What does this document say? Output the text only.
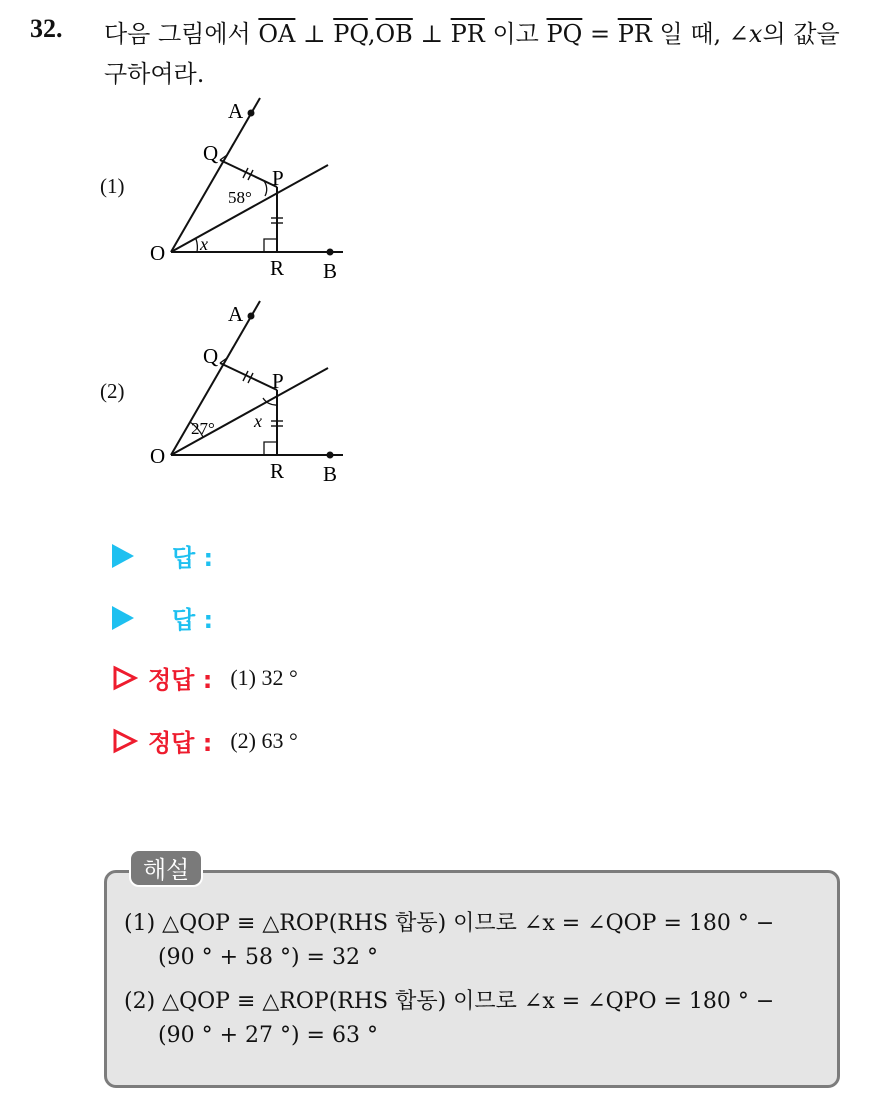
32. 다음 그림에서 $\overline{OA}$ ⊥ $\overline{PQ},\overline{OB}$ ⊥ $\overline{PR}$ 이고 $\overline{PQ} = \overline{PR}$ 일 때, ∠x의 값을
구하여라.
(1)
A
Q
P
O
R B
58°
x
(2)
A
Q
P
O
R B
27° x
답 :
답 :
정답 : (1) 32 °
정답 : (2) 63 °
해설
(1) △QOP ≡ △ROP(RHS 합동) 이므로 ∠x = ∠QOP = 180 ° −
(90 ° + 58 °) = 32 °
(2) △QOP ≡ △ROP(RHS 합동) 이므로 ∠x = ∠QPO = 180 ° −
(90 ° + 27 °) = 63 °
